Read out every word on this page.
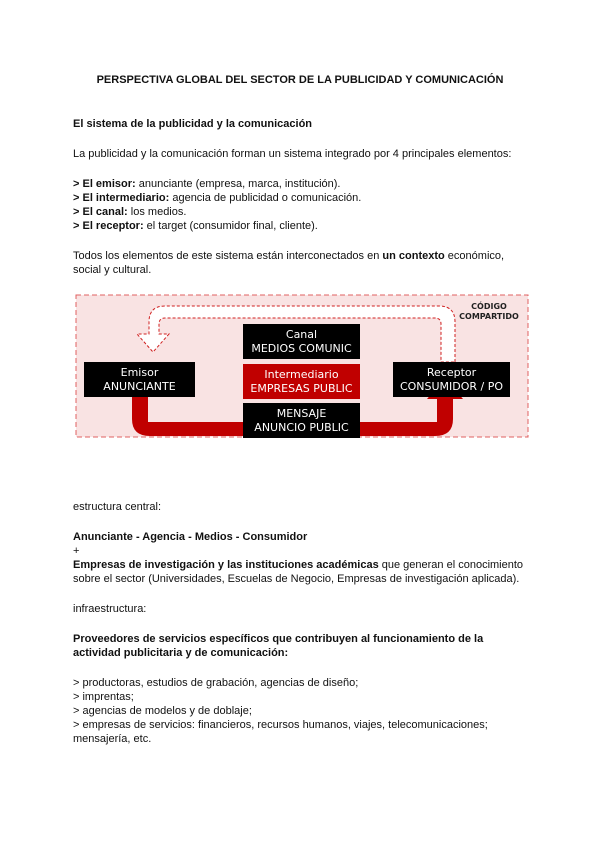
PERSPECTIVA GLOBAL DEL SECTOR DE LA PUBLICIDAD Y COMUNICACIÓN
El sistema de la publicidad y la comunicación
La publicidad y la comunicación forman un sistema integrado por 4 principales elementos:
> El emisor: anunciante (empresa, marca, institución).
> El intermediario: agencia de publicidad o comunicación.
> El canal: los medios.
> El receptor: el target (consumidor final, cliente).
Todos los elementos de este sistema están interconectados en un contexto económico,
social y cultural.
CÓDIGO
COMPARTIDO
Emisor
ANUNCIANTE
Canal
MEDIOS COMUNIC
Intermediario
EMPRESAS PUBLIC
MENSAJE
ANUNCIO PUBLIC
Receptor
CONSUMIDOR / PO
estructura central:
Anunciante - Agencia - Medios - Consumidor
+
Empresas de investigación y las instituciones académicas que generan el conocimiento
sobre el sector (Universidades, Escuelas de Negocio, Empresas de investigación aplicada).
infraestructura:
Proveedores de servicios específicos que contribuyen al funcionamiento de la
actividad publicitaria y de comunicación:
> productoras, estudios de grabación, agencias de diseño;
> imprentas;
> agencias de modelos y de doblaje;
> empresas de servicios: financieros, recursos humanos, viajes, telecomunicaciones;
mensajería, etc.
